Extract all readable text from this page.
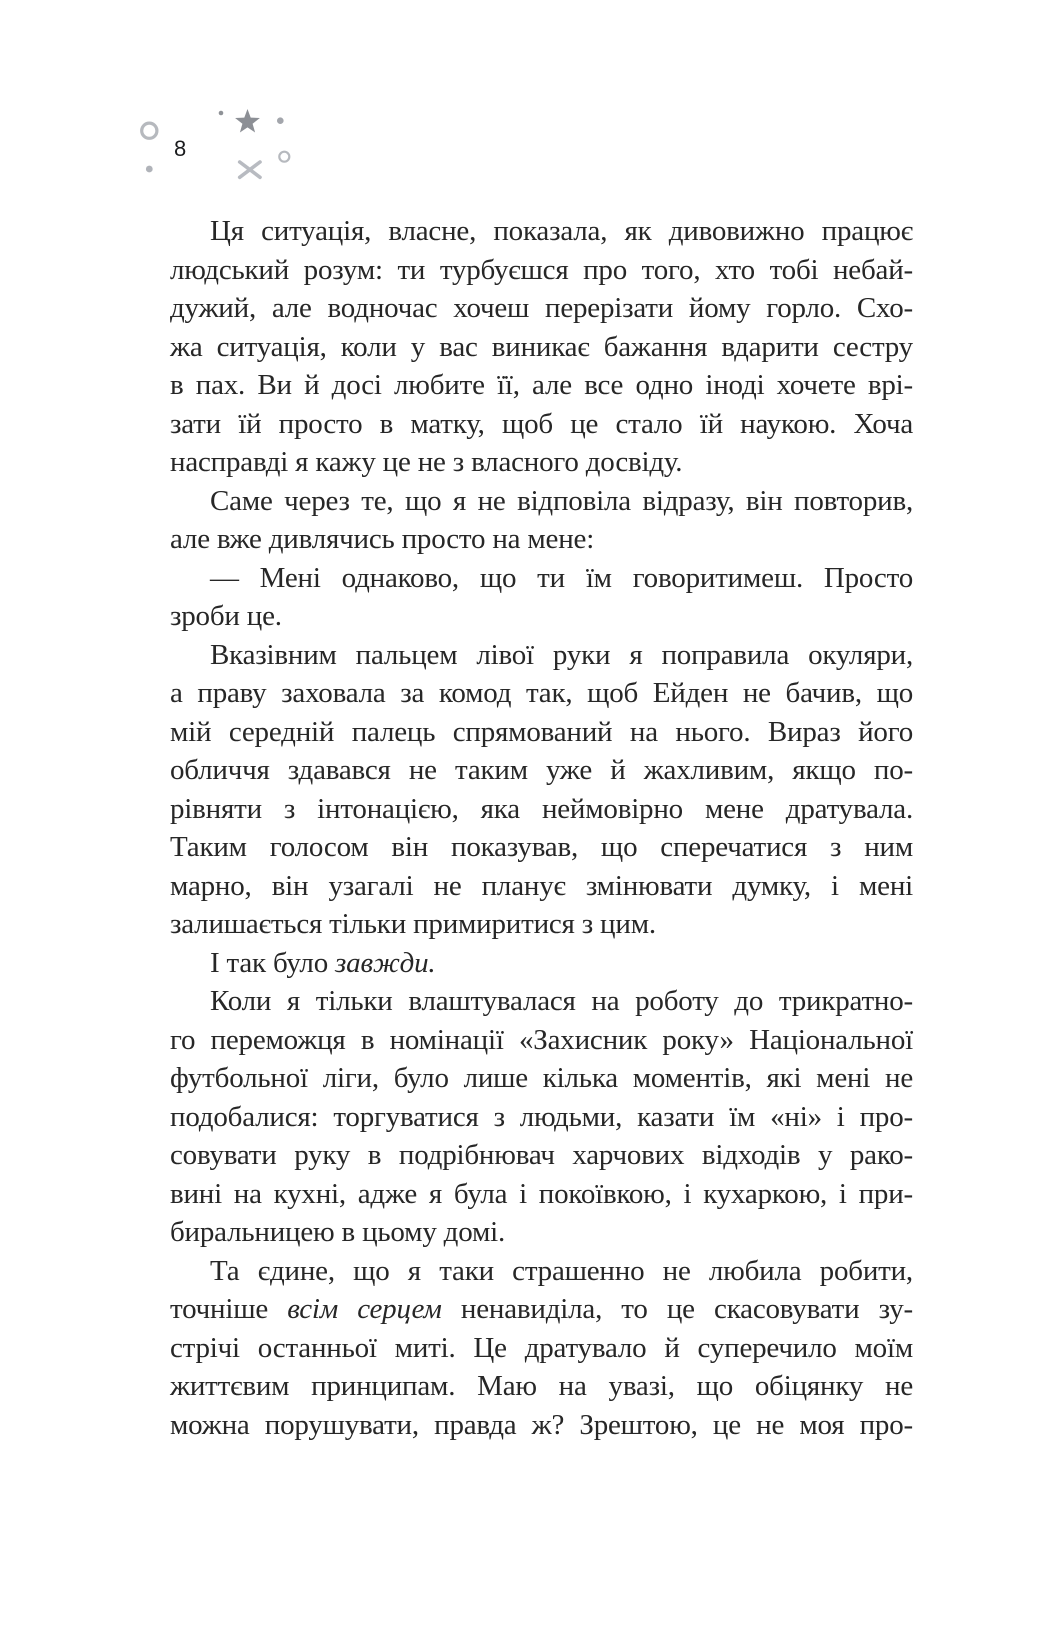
8
Ця ситуація, власне, показала, як дивовижно працює
людський розум: ти турбуєшся про того, хто тобі небай-
дужий, але водночас хочеш перерізати йому горло. Схо-
жа ситуація, коли у вас виникає бажання вдарити сестру
в пах. Ви й досі любите її, але все одно іноді хочете врі-
зати їй просто в матку, щоб це стало їй наукою. Хоча
насправді я кажу це не з власного досвіду.
Саме через те, що я не відповіла відразу, він повторив,
але вже дивлячись просто на мене:
— Мені однаково, що ти їм говоритимеш. Просто
зроби це.
Вказівним пальцем лівої руки я поправила окуляри,
а праву заховала за комод так, щоб Ейден не бачив, що
мій середній палець спрямований на нього. Вираз його
обличчя здавався не таким уже й жахливим, якщо по-
рівняти з інтонацією, яка неймовірно мене дратувала.
Таким голосом він показував, що сперечатися з ним
марно, він узагалі не планує змінювати думку, і мені
залишається тільки примиритися з цим.
І так було завжди.
Коли я тільки влаштувалася на роботу до трикратно-
го переможця в номінації «Захисник року» Національної
футбольної ліги, було лише кілька моментів, які мені не
подобалися: торгуватися з людьми, казати їм «ні» і про-
совувати руку в подрібнювач харчових відходів у рако-
вині на кухні, адже я була і покоївкою, і кухаркою, і при-
биральницею в цьому домі.
Та єдине, що я таки страшенно не любила робити,
точніше всім серцем ненавиділа, то це скасовувати зу-
стрічі останньої миті. Це дратувало й суперечило моїм
життєвим принципам. Маю на увазі, що обіцянку не
можна порушувати, правда ж? Зрештою, це не моя про-
